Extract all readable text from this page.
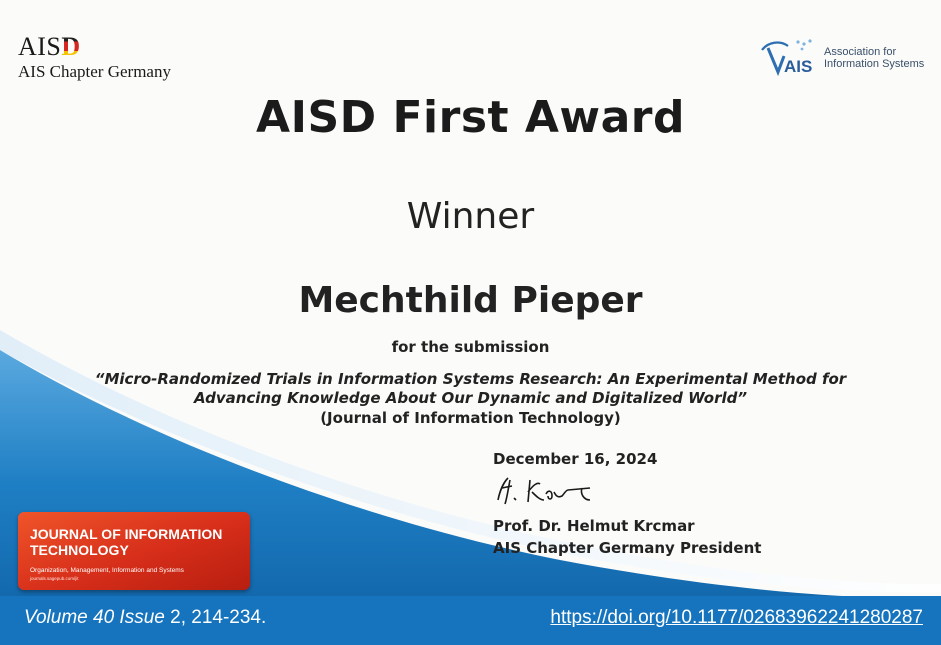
AISD
AIS Chapter Germany	AIS
Association for
Information Systems
AISD First Award
Winner
Mechthild Pieper
for the submission
“Micro-Randomized Trials in Information Systems Research: An Experimental Method for
Advancing Knowledge About Our Dynamic and Digitalized World”
(Journal of Information Technology)
December 16, 2024
Prof. Dr. Helmut Krcmar
AIS Chapter Germany President
JOURNAL OF INFORMATION
TECHNOLOGY
Organization, Management, Information and Systems
journals.sagepub.com/jit
Volume 40 Issue 2, 214-234.	https://doi.org/10.1177/02683962241280287
